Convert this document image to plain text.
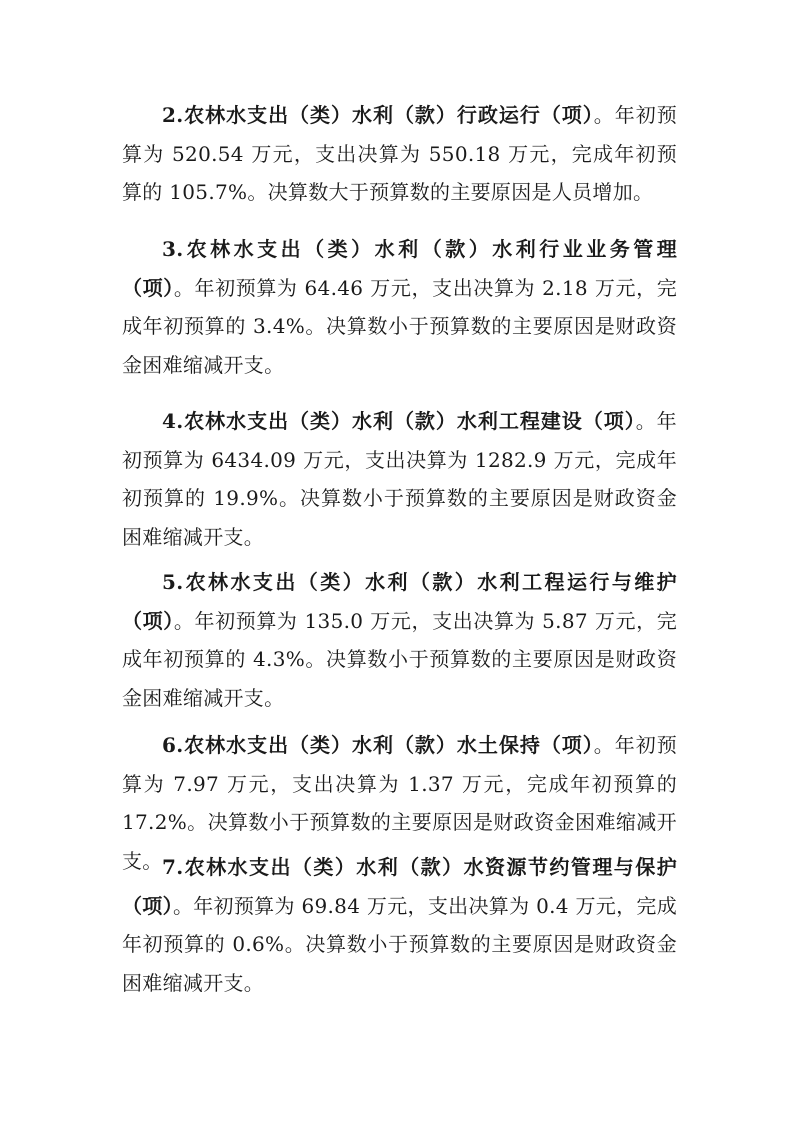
2.农林水支出（类）水利（款）行政运行（项）。年初预算为 520.54 万元，支出决算为 550.18 万元，完成年初预算的 105.7%。决算数大于预算数的主要原因是人员增加。

3.农林水支出（类）水利（款）水利行业业务管理（项）。年初预算为 64.46 万元，支出决算为 2.18 万元，完成年初预算的 3.4%。决算数小于预算数的主要原因是财政资金困难缩减开支。

4.农林水支出（类）水利（款）水利工程建设（项）。年初预算为 6434.09 万元，支出决算为 1282.9 万元，完成年初预算的 19.9%。决算数小于预算数的主要原因是财政资金困难缩减开支。

5.农林水支出（类）水利（款）水利工程运行与维护（项）。年初预算为 135.0 万元，支出决算为 5.87 万元，完成年初预算的 4.3%。决算数小于预算数的主要原因是财政资金困难缩减开支。

6.农林水支出（类）水利（款）水土保持（项）。年初预算为 7.97 万元，支出决算为 1.37 万元，完成年初预算的 17.2%。决算数小于预算数的主要原因是财政资金困难缩减开支。 7.农林水支出（类）水利（款）水资源节约管理与保护（项）。年初预算为 69.84 万元，支出决算为 0.4 万元，完成年初预算的 0.6%。决算数小于预算数的主要原因是财政资金困难缩减开支。
